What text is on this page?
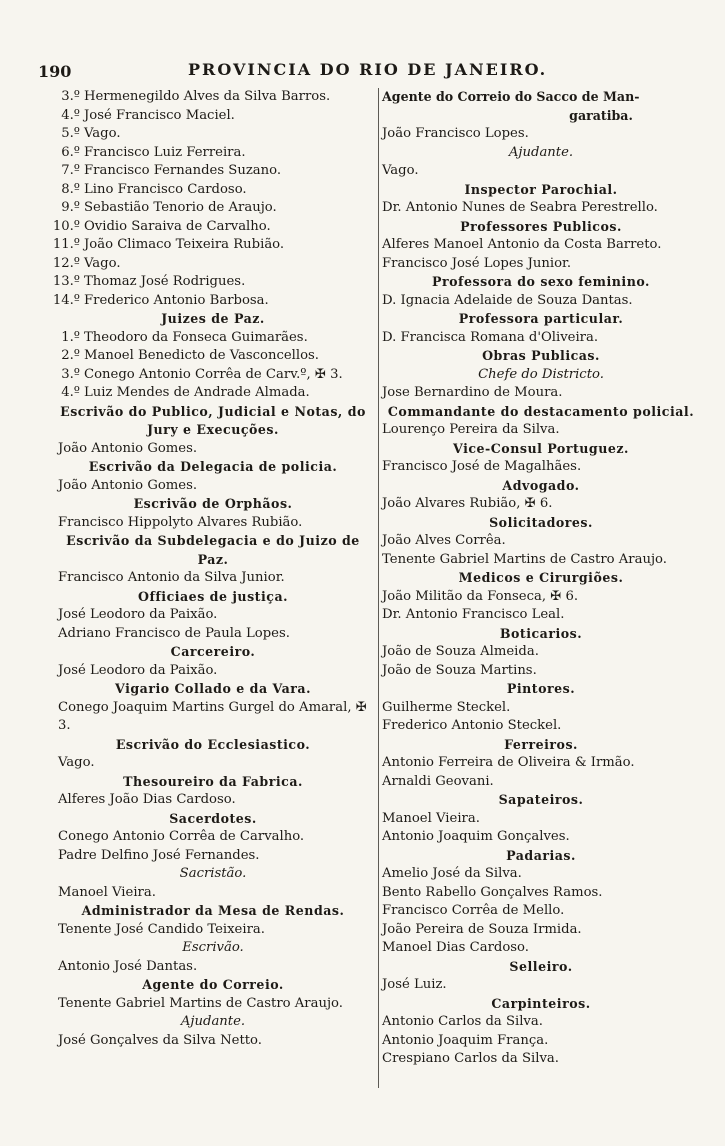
190	PROVINCIA DO RIO DE JANEIRO.
3.º Hermenegildo Alves da Silva Barros.
4.º José Francisco Maciel.
5.º Vago.
6.º Francisco Luiz Ferreira.
7.º Francisco Fernandes Suzano.
8.º Lino Francisco Cardoso.
9.º Sebastião Tenorio de Araujo.
10.º Ovidio Saraiva de Carvalho.
11.º João Climaco Teixeira Rubião.
12.º Vago.
13.º Thomaz José Rodrigues.
14.º Frederico Antonio Barbosa.
Juizes de Paz.
1.º Theodoro da Fonseca Guimarães.
2.º Manoel Benedicto de Vasconcellos.
3.º Conego Antonio Corrêa de Carv.º, ✠ 3.
4.º Luiz Mendes de Andrade Almada.
Escrivão do Publico, Judicial e Notas, do Jury e Execuções.
João Antonio Gomes.
Escrivão da Delegacia de policia.
João Antonio Gomes.
Escrivão de Orphãos.
Francisco Hippolyto Alvares Rubião.
Escrivão da Subdelegacia e do Juizo de Paz.
Francisco Antonio da Silva Junior.
Officiaes de justiça.
José Leodoro da Paixão.
Adriano Francisco de Paula Lopes.
Carcereiro.
José Leodoro da Paixão.
Vigario Collado e da Vara.
Conego Joaquim Martins Gurgel do Amaral, ✠ 3.
Escrivão do Ecclesiastico.
Vago.
Thesoureiro da Fabrica.
Alferes João Dias Cardoso.
Sacerdotes.
Conego Antonio Corrêa de Carvalho.
Padre Delfino José Fernandes.
Sacristão.
Manoel Vieira.
Administrador da Mesa de Rendas.
Tenente José Candido Teixeira.
Escrivão.
Antonio José Dantas.
Agente do Correio.
Tenente Gabriel Martins de Castro Araujo.
Ajudante.
José Gonçalves da Silva Netto.
Agente do Correio do Sacco de Man-
garatiba.
João Francisco Lopes.
Ajudante.
Vago.
Inspector Parochial.
Dr. Antonio Nunes de Seabra Perestrello.
Professores Publicos.
Alferes Manoel Antonio da Costa Barreto.
Francisco José Lopes Junior.
Professora do sexo feminino.
D. Ignacia Adelaide de Souza Dantas.
Professora particular.
D. Francisca Romana d'Oliveira.
Obras Publicas.
Chefe do Districto.
Jose Bernardino de Moura.
Commandante do destacamento policial.
Lourenço Pereira da Silva.
Vice-Consul Portuguez.
Francisco José de Magalhães.
Advogado.
João Alvares Rubião, ✠ 6.
Solicitadores.
João Alves Corrêa.
Tenente Gabriel Martins de Castro Araujo.
Medicos e Cirurgiões.
João Militão da Fonseca, ✠ 6.
Dr. Antonio Francisco Leal.
Boticarios.
João de Souza Almeida.
João de Souza Martins.
Pintores.
Guilherme Steckel.
Frederico Antonio Steckel.
Ferreiros.
Antonio Ferreira de Oliveira & Irmão.
Arnaldi Geovani.
Sapateiros.
Manoel Vieira.
Antonio Joaquim Gonçalves.
Padarias.
Amelio José da Silva.
Bento Rabello Gonçalves Ramos.
Francisco Corrêa de Mello.
João Pereira de Souza Irmida.
Manoel Dias Cardoso.
Selleiro.
José Luiz.
Carpinteiros.
Antonio Carlos da Silva.
Antonio Joaquim França.
Crespiano Carlos da Silva.
